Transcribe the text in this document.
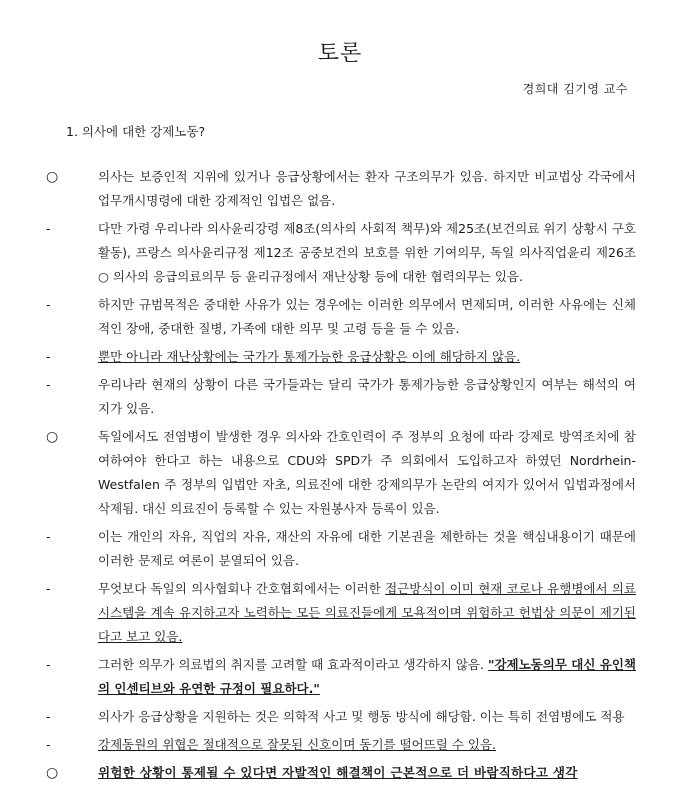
토론
경희대 김기영 교수
1. 의사에 대한 강제노동?
○	의사는 보증인적 지위에 있거나 응급상황에서는 환자 구조의무가 있음. 하지만 비교법상 각국에서 업무개시명령에 대한 강제적인 입법은 없음.
-	다만 가령 우리나라 의사윤리강령 제8조(의사의 사회적 책무)와 제25조(보건의료 위기 상황시 구호활동), 프랑스 의사윤리규정 제12조 공중보건의 보호를 위한 기여의무, 독일 의사직업윤리 제26조 ○ 의사의 응급의료의무 등 윤리규정에서 재난상황 등에 대한 협력의무는 있음.
-	하지만 규범목적은 중대한 사유가 있는 경우에는 이러한 의무에서 면제되며, 이러한 사유에는 신체적인 장애, 중대한 질병, 가족에 대한 의무 및 고령 등을 들 수 있음.
-	뿐만 아니라 재난상황에는 국가가 통제가능한 응급상황은 이에 해당하지 않음.
-	우리나라 현재의 상황이 다른 국가들과는 달리 국가가 통제가능한 응급상황인지 여부는 해석의 여지가 있음.
○	독일에서도 전염병이 발생한 경우 의사와 간호인력이 주 정부의 요청에 따라 강제로 방역조치에 참여하여야 한다고 하는 내용으로 CDU와 SPD가 주 의회에서 도입하고자 하였던 Nordrhein-Westfalen 주 정부의 입법안 자초, 의료진에 대한 강제의무가 논란의 여지가 있어서 입법과정에서 삭제됨. 대신 의료진이 등록할 수 있는 자원봉사자 등록이 있음.
-	이는 개인의 자유, 직업의 자유, 재산의 자유에 대한 기본권을 제한하는 것을 핵심내용이기 때문에 이러한 문제로 여론이 분열되어 있음.
-	무엇보다 독일의 의사협회나 간호협회에서는 이러한 접근방식이 이미 현재 코로나 유행병에서 의료시스템을 계속 유지하고자 노력하는 모든 의료진들에게 모욕적이며 위험하고 헌법상 의문이 제기된다고 보고 있음.
-	그러한 의무가 의료법의 취지를 고려할 때 효과적이라고 생각하지 않음. "강제노동의무 대신 유인책의 인센티브와 유연한 규정이 필요하다."
-	의사가 응급상황을 지원하는 것은 의학적 사고 및 행동 방식에 해당함. 이는 특히 전염병에도 적용
-	강제동원의 위협은 절대적으로 잘못된 신호이며 동기를 떨어뜨릴 수 있음.
○	위험한 상황이 통제될 수 있다면 자발적인 해결책이 근본적으로 더 바람직하다고 생각
